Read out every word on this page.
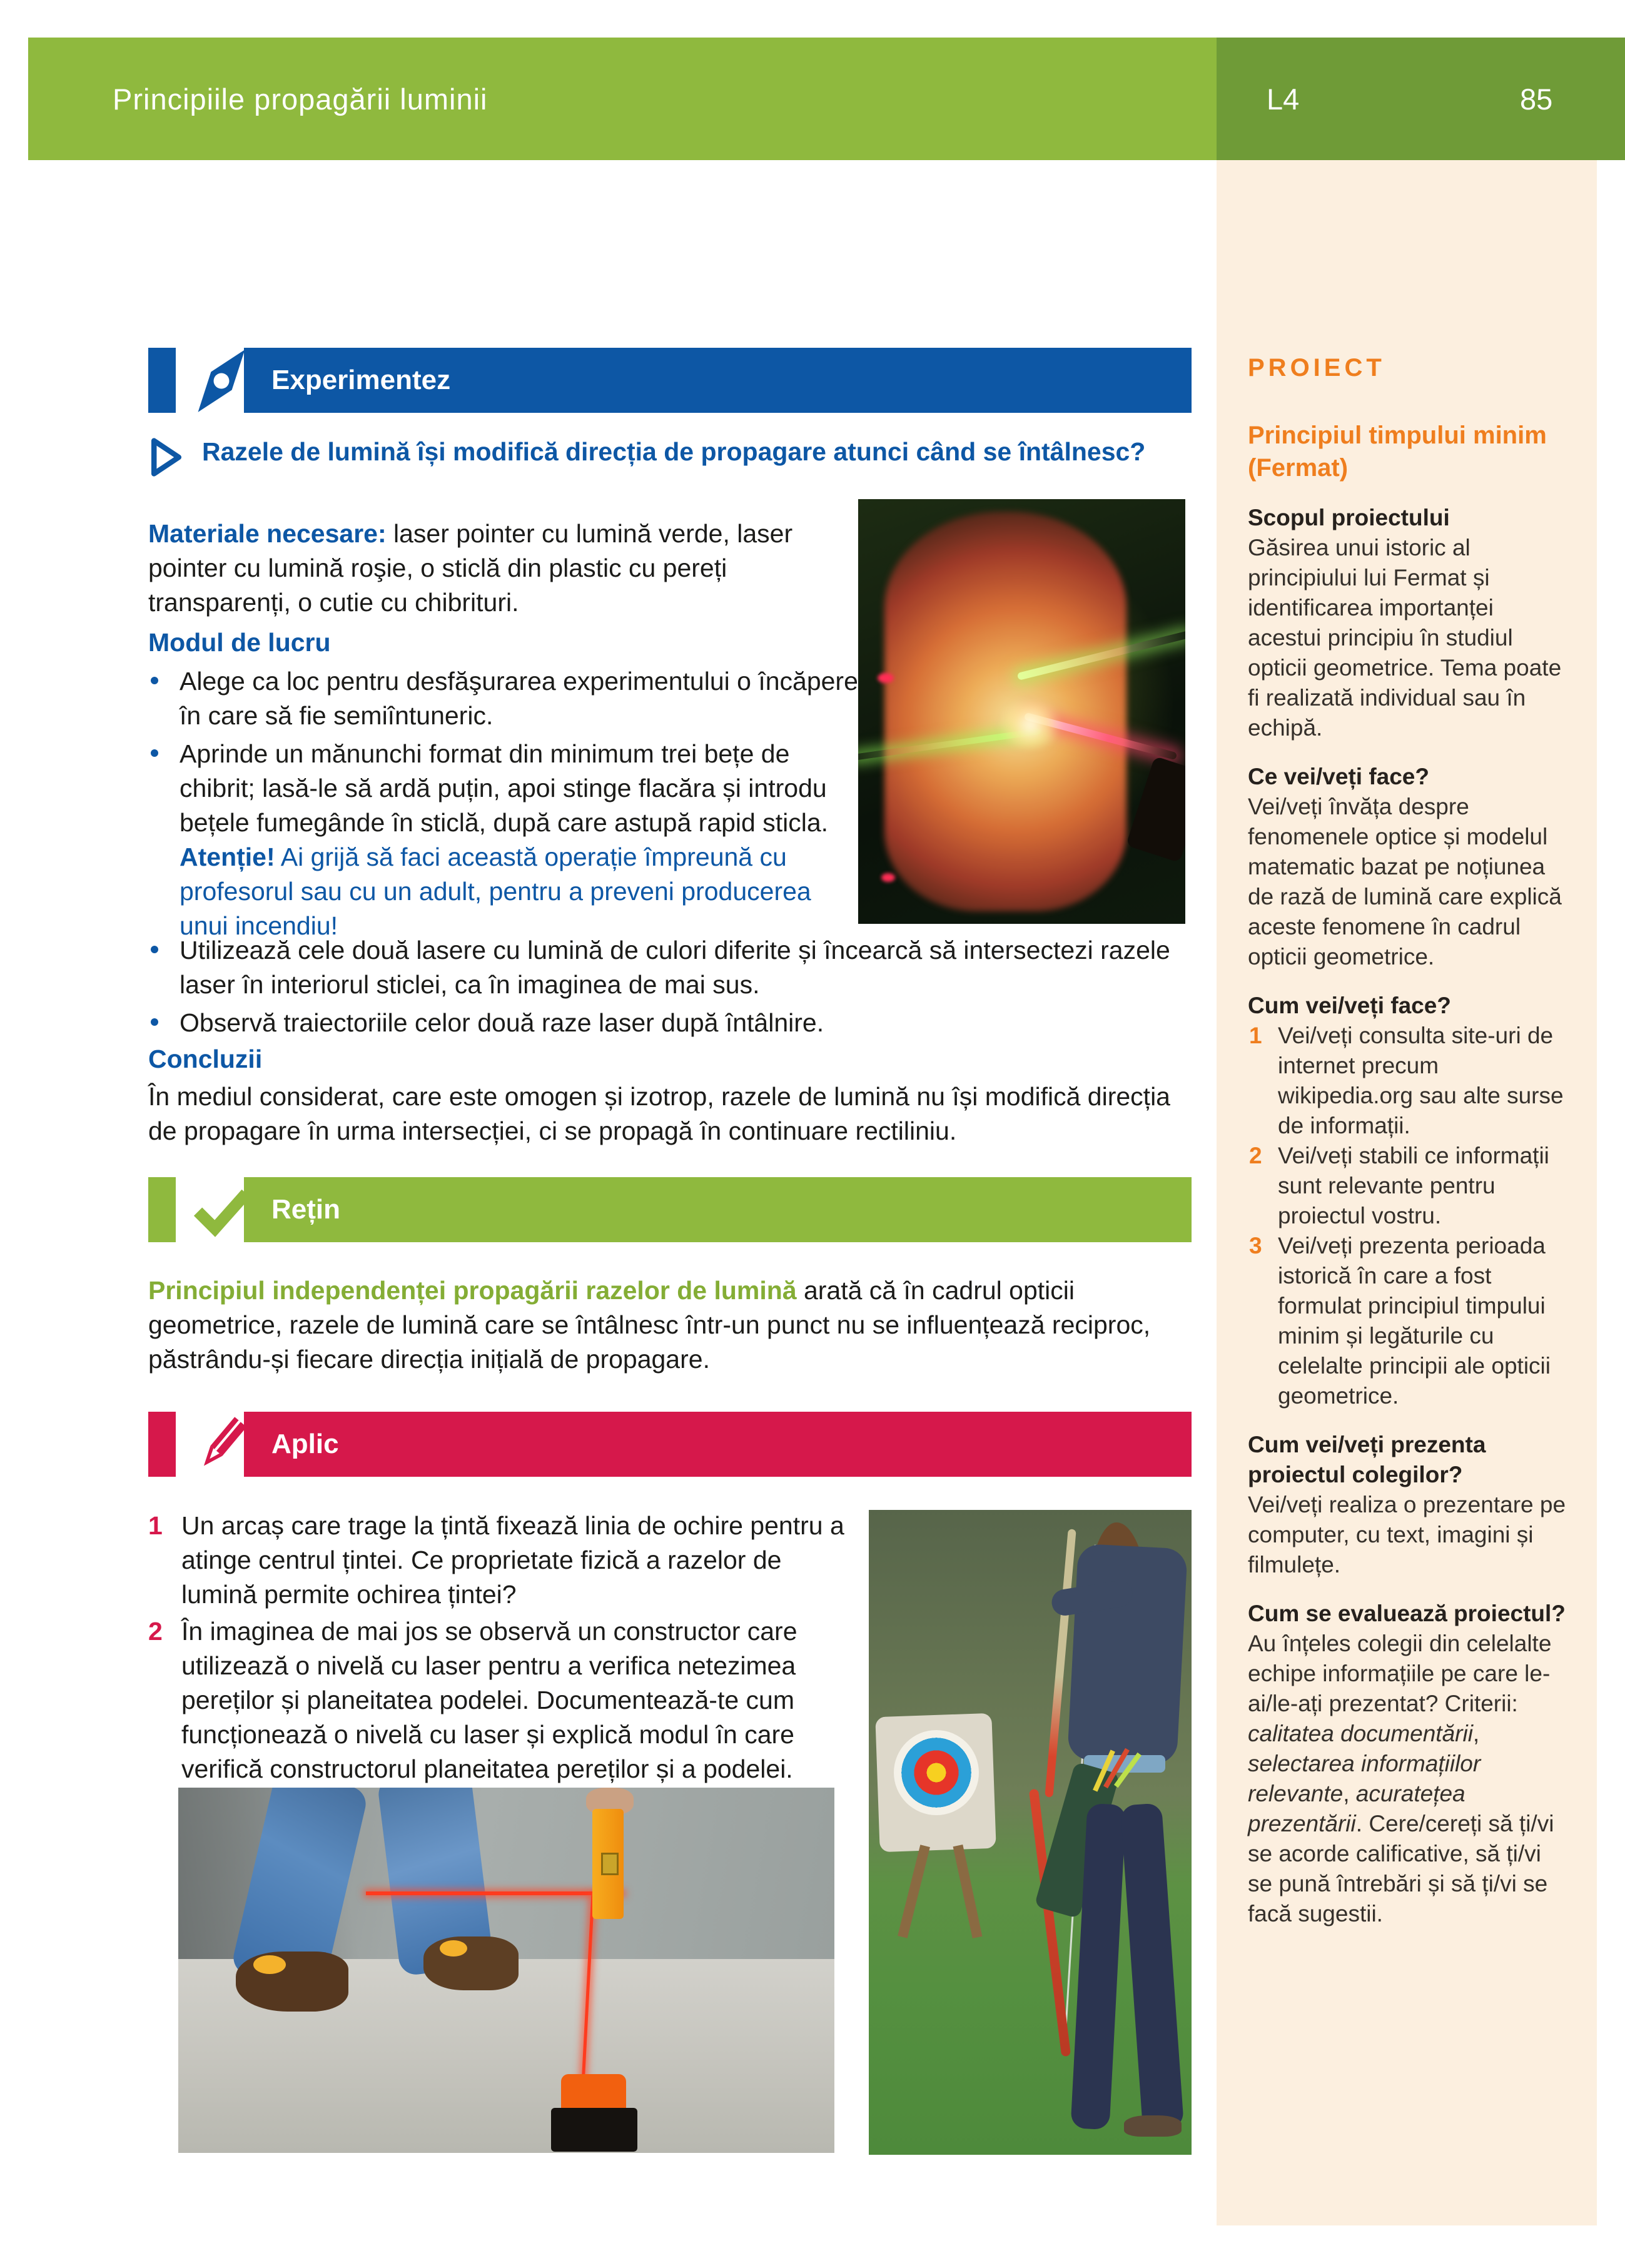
Principiile propagării luminii	L4	85
Experimentez

Razele de lumină își modifică direcția de propagare atunci când se întâlnesc?

Materiale necesare: laser pointer cu lumină verde, laser pointer cu lumină roşie, o sticlă din plastic cu pereți transparenți, o cutie cu chibrituri.

Modul de lucru

Alege ca loc pentru desfăşurarea experimentului o încăpere în care să fie semiîntuneric.
Aprinde un mănunchi format din minimum trei bețe de chibrit; lasă-le să ardă puțin, apoi stinge flacăra și introdu bețele fumegânde în sticlă, după care astupă rapid sticla. Atenție! Ai grijă să faci această operație împreună cu profesorul sau cu un adult, pentru a preveni producerea unui incendiu!
Utilizează cele două lasere cu lumină de culori diferite și încearcă să intersectezi razele laser în interiorul sticlei, ca în imaginea de mai sus.
Observă traiectoriile celor două raze laser după întâlnire.

Concluzii

În mediul considerat, care este omogen și izotrop, razele de lumină nu își modifică direcția de propagare în urma intersecției, ci se propagă în continuare rectiliniu.

Rețin

Principiul independenței propagării razelor de lumină arată că în cadrul opticii geometrice, razele de lumină care se întâlnesc într-un punct nu se influențează reciproc, păstrându-și fiecare direcția inițială de propagare.

Aplic
1 Un arcaș care trage la țintă fixează linia de ochire pentru a atinge centrul țintei. Ce proprietate fizică a razelor de lumină permite ochirea țintei?
2 În imaginea de mai jos se observă un constructor care utilizează o nivelă cu laser pentru a verifica netezimea pereților și planeitatea podelei. Documentează-te cum funcționează o nivelă cu laser și explică modul în care verifică constructorul planeitatea pereților și a podelei.
PROIECT
Principiul timpului minim (Fermat)
Scopul proiectului

Găsirea unui istoric al principiului lui Fermat și identificarea importanței acestui principiu în studiul opticii geometrice. Tema poate fi realizată individual sau în echipă.

Ce vei/veți face?

Vei/veți învăța despre fenomenele optice și modelul matematic bazat pe noțiunea de rază de lumină care explică aceste fenomene în cadrul opticii geometrice.

Cum vei/veți face?
1 Vei/veți consulta site-uri de internet precum wikipedia.org sau alte surse de informații.
2 Vei/veți stabili ce informații sunt relevante pentru proiectul vostru.
3 Vei/veți prezenta perioada istorică în care a fost formulat principiul timpului minim și legăturile cu celelalte principii ale opticii geometrice.
Cum vei/veți prezenta proiectul colegilor?

Vei/veți realiza o prezentare pe computer, cu text, imagini și filmulețe.

Cum se evaluează proiectul?

Au înțeles colegii din celelalte echipe informațiile pe care le-ai/le-ați prezentat? Criterii: calitatea documentării, selectarea informațiilor relevante, acuratețea prezentării. Cere/cereți să ți/vi se acorde calificative, să ți/vi se pună întrebări și să ți/vi se facă sugestii.
